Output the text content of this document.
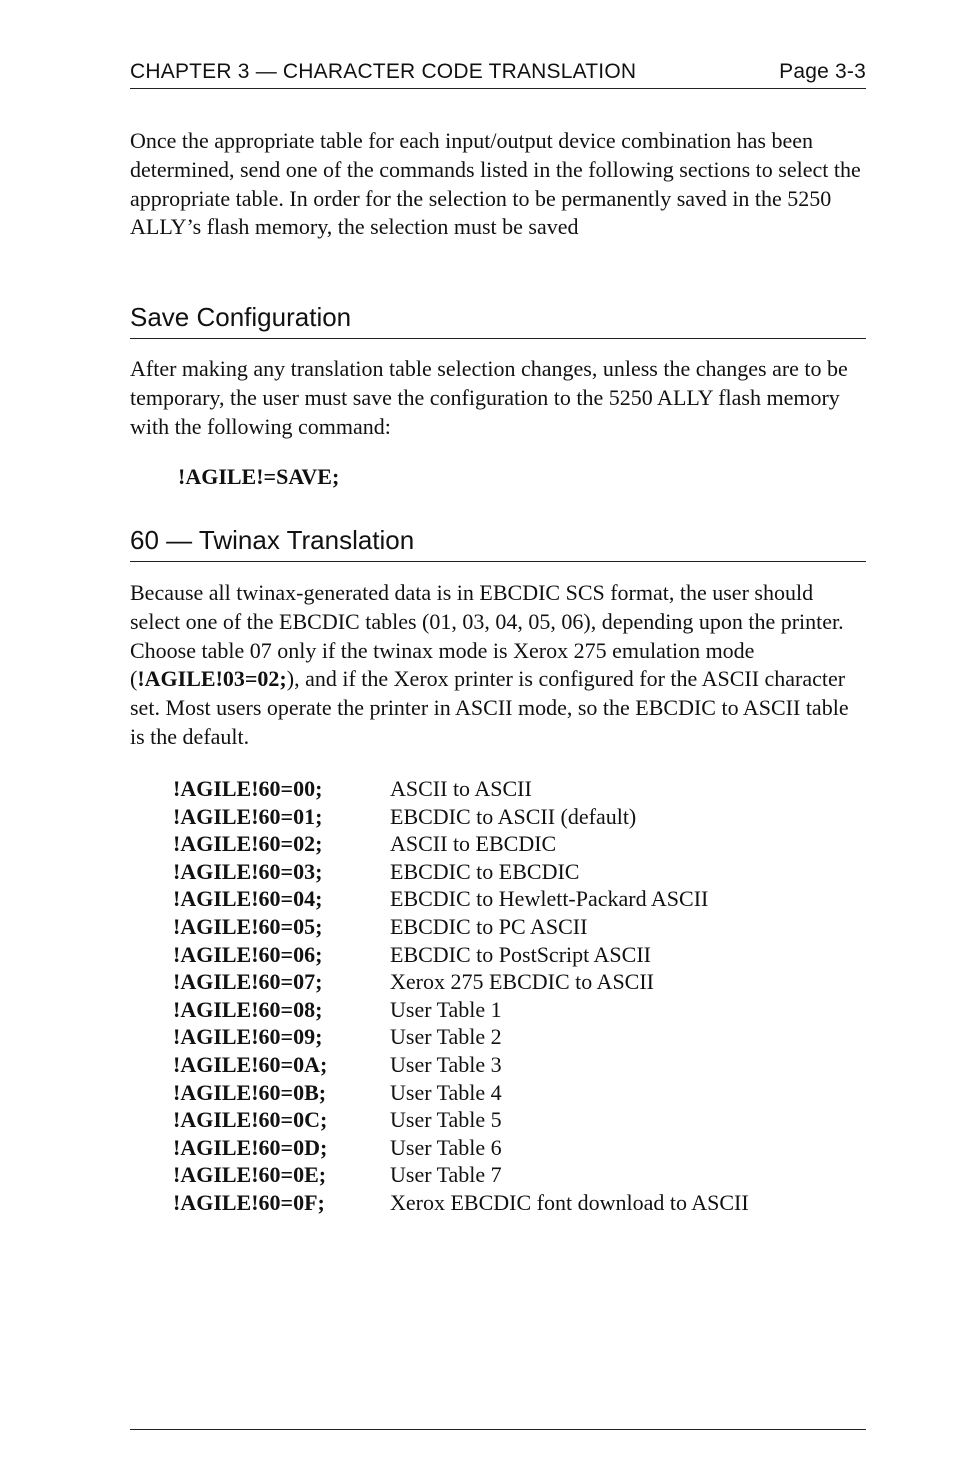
CHAPTER 3 — CHARACTER CODE TRANSLATION	Page 3-3

Once the appropriate table for each input/output device combination has been determined, send one of the commands listed in the following sections to select the appropriate table. In order for the selection to be permanently saved in the 5250 ALLY’s flash memory, the selection must be saved

Save Configuration

After making any translation table selection changes, unless the changes are to be temporary, the user must save the configuration to the 5250 ALLY flash memory with the following command:

!AGILE!=SAVE;
60 — Twinax Translation

Because all twinax-generated data is in EBCDIC SCS format, the user should select one of the EBCDIC tables (01, 03, 04, 05, 06), depending upon the printer. Choose table 07 only if the twinax mode is Xerox 275 emulation mode (!AGILE!03=02;), and if the Xerox printer is configured for the ASCII character set. Most users operate the printer in ASCII mode, so the EBCDIC to ASCII table is the default.

!AGILE!60=00;	ASCII to ASCII
!AGILE!60=01;	EBCDIC to ASCII (default)
!AGILE!60=02;	ASCII to EBCDIC
!AGILE!60=03;	EBCDIC to EBCDIC
!AGILE!60=04;	EBCDIC to Hewlett-Packard ASCII
!AGILE!60=05;	EBCDIC to PC ASCII
!AGILE!60=06;	EBCDIC to PostScript ASCII
!AGILE!60=07;	Xerox 275 EBCDIC to ASCII
!AGILE!60=08;	User Table 1
!AGILE!60=09;	User Table 2
!AGILE!60=0A;	User Table 3
!AGILE!60=0B;	User Table 4
!AGILE!60=0C;	User Table 5
!AGILE!60=0D;	User Table 6
!AGILE!60=0E;	User Table 7
!AGILE!60=0F;	Xerox EBCDIC font download to ASCII
